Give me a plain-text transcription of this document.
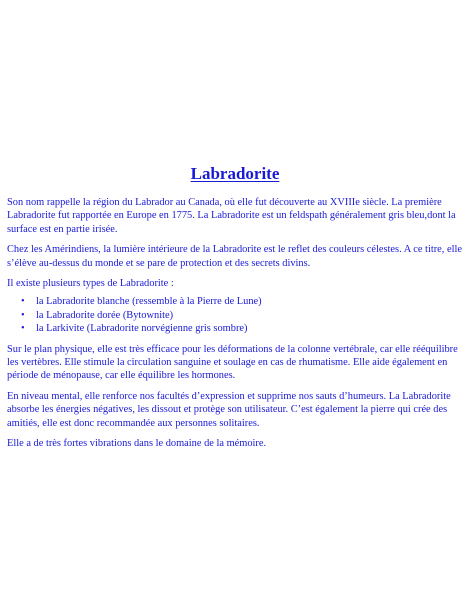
Labradorite

Son nom rappelle la région du Labrador au Canada, où elle fut découverte au XVIIIe siècle. La première Labradorite fut rapportée en Europe en 1775. La Labradorite est un feldspath généralement gris bleu,dont la surface est en partie irisée.

Chez les Amérindiens, la lumière intérieure de la Labradorite est le reflet des couleurs célestes. A ce titre, elle s’élève au-dessus du monde et se pare de protection et des secrets divins.

Il existe plusieurs types de Labradorite :

• la Labradorite blanche (ressemble à la Pierre de Lune)
• la Labradorite dorée (Bytownite)
• la Larkivite (Labradorite norvégienne gris sombre)

Sur le plan physique, elle est très efficace pour les déformations de la colonne vertébrale, car elle rééquilibre les vertèbres. Elle stimule la circulation sanguine et soulage en cas de rhumatisme. Elle aide également en période de ménopause, car elle équilibre les hormones.

En niveau mental, elle renforce nos facultés d’expression et supprime nos sauts d’humeurs. La Labradorite absorbe les énergies négatives, les dissout et protège son utilisateur. C’est également la pierre qui crée des amitiés, elle est donc recommandée aux personnes solitaires.

Elle a de très fortes vibrations dans le domaine de la mémoire.
